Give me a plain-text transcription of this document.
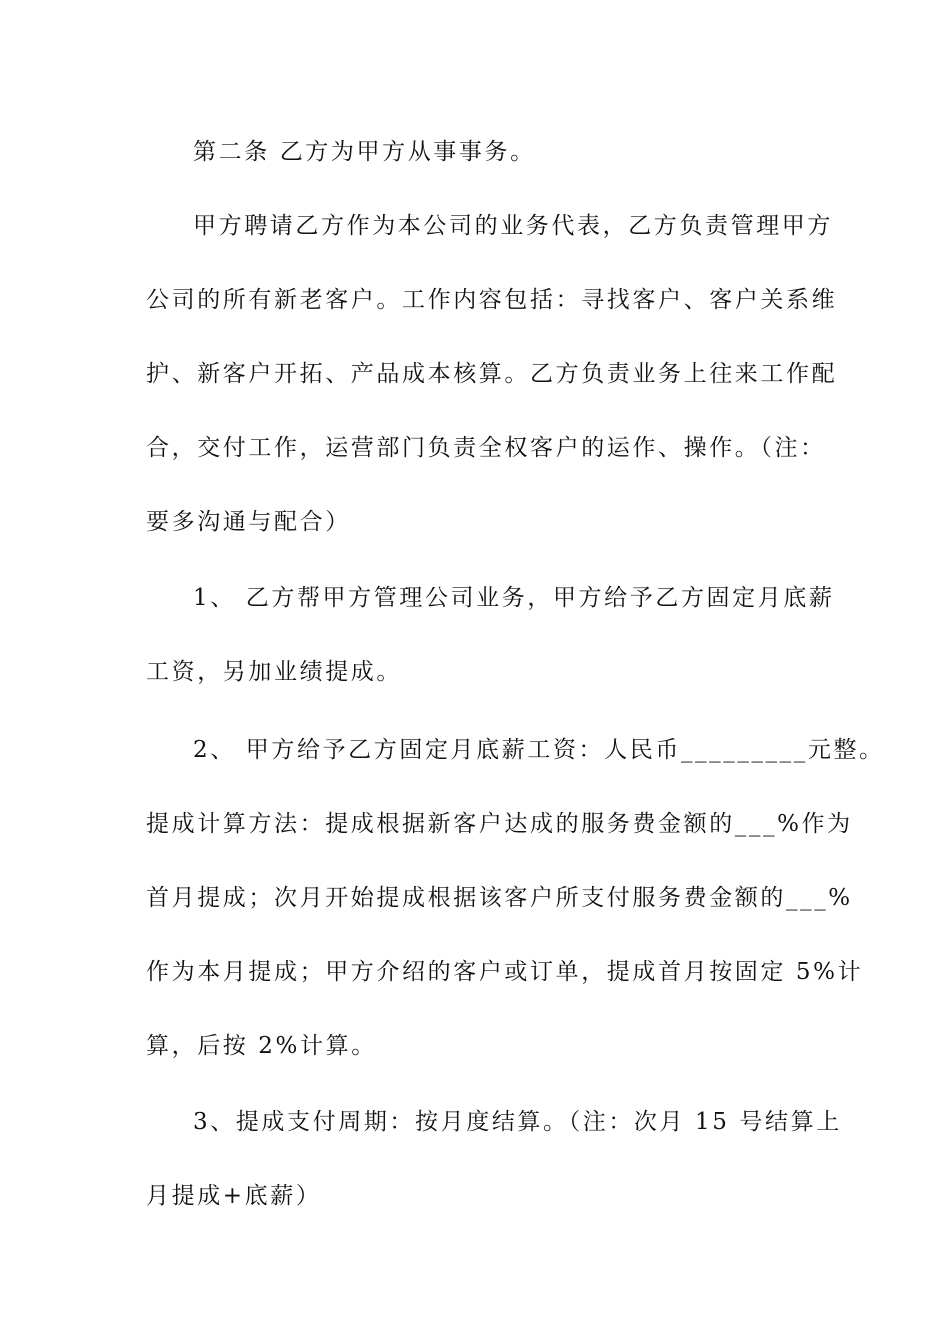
第二条 乙方为甲方从事事务。
甲方聘请乙方作为本公司的业务代表，乙方负责管理甲方
公司的所有新老客户。工作内容包括：寻找客户、客户关系维
护、新客户开拓、产品成本核算。乙方负责业务上往来工作配
合，交付工作，运营部门负责全权客户的运作、操作。（注：
要多沟通与配合）
1、 乙方帮甲方管理公司业务，甲方给予乙方固定月底薪
工资，另加业绩提成。
2、 甲方给予乙方固定月底薪工资：人民币_________元整。
提成计算方法：提成根据新客户达成的服务费金额的___%作为
首月提成；次月开始提成根据该客户所支付服务费金额的___%
作为本月提成；甲方介绍的客户或订单，提成首月按固定 5%计
算，后按 2%计算。
3、提成支付周期：按月度结算。（注：次月 15 号结算上
月提成+底薪）
